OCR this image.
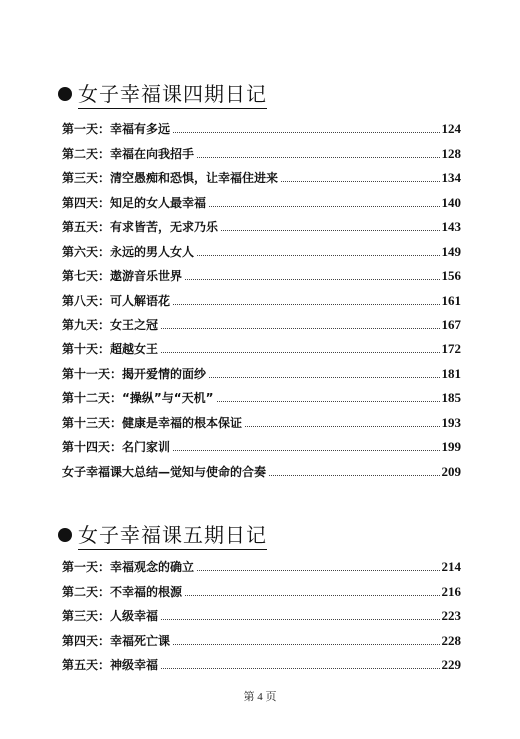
女子幸福课四期日记
第一天：幸福有多远	124
第二天：幸福在向我招手	128
第三天：清空愚痴和恐惧，让幸福住进来	134
第四天：知足的女人最幸福	140
第五天：有求皆苦，无求乃乐	143
第六天：永远的男人女人	149
第七天：遨游音乐世界	156
第八天：可人解语花	161
第九天：女王之冠	167
第十天：超越女王	172
第十一天：揭开爱情的面纱	181
第十二天：“操纵”与“天机”	185
第十三天：健康是幸福的根本保证	193
第十四天：名门家训	199
女子幸福课大总结—觉知与使命的合奏	209
女子幸福课五期日记
第一天：幸福观念的确立	214
第二天：不幸福的根源	216
第三天：人级幸福	223
第四天：幸福死亡课	228
第五天：神级幸福	229
第 4 页
